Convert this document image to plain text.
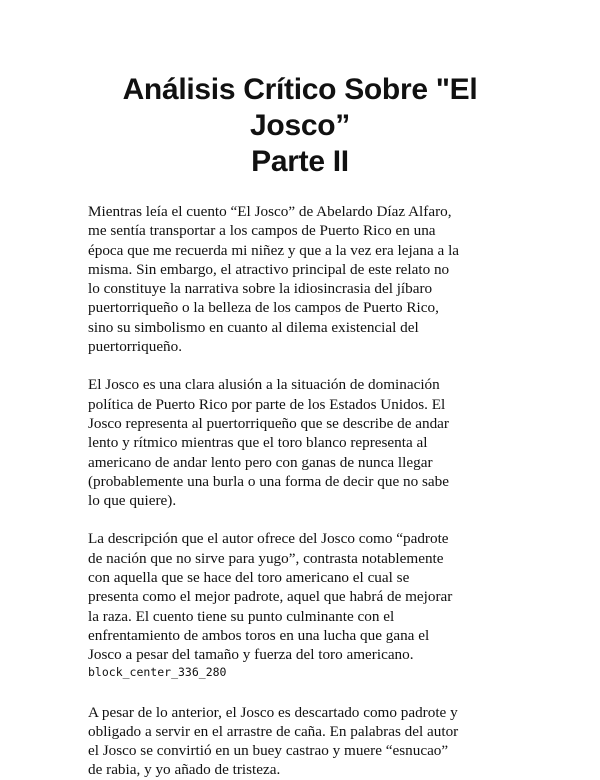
Análisis Crítico Sobre "El Josco”
Parte II
Mientras leía el cuento “El Josco” de Abelardo Díaz Alfaro,
me sentía transportar a los campos de Puerto Rico en una
época que me recuerda mi niñez y que a la vez era lejana a la
misma. Sin embargo, el atractivo principal de este relato no
lo constituye la narrativa sobre la idiosincrasia del jíbaro
puertorriqueño o la belleza de los campos de Puerto Rico,
sino su simbolismo en cuanto al dilema existencial del
puertorriqueño.
El Josco es una clara alusión a la situación de dominación
política de Puerto Rico por parte de los Estados Unidos. El
Josco representa al puertorriqueño que se describe de andar
lento y rítmico mientras que el toro blanco representa al
americano de andar lento pero con ganas de nunca llegar
(probablemente una burla o una forma de decir que no sabe
lo que quiere).
La descripción que el autor ofrece del Josco como “padrote
de nación que no sirve para yugo”, contrasta notablemente
con aquella que se hace del toro americano el cual se
presenta como el mejor padrote, aquel que habrá de mejorar
la raza. El cuento tiene su punto culminante con el
enfrentamiento de ambos toros en una lucha que gana el
Josco a pesar del tamaño y fuerza del toro americano.
block_center_336_280
A pesar de lo anterior, el Josco es descartado como padrote y
obligado a servir en el arrastre de caña. En palabras del autor
el Josco se convirtió en un buey castrao y muere “esnucao”
de rabia, y yo añado de tristeza.
